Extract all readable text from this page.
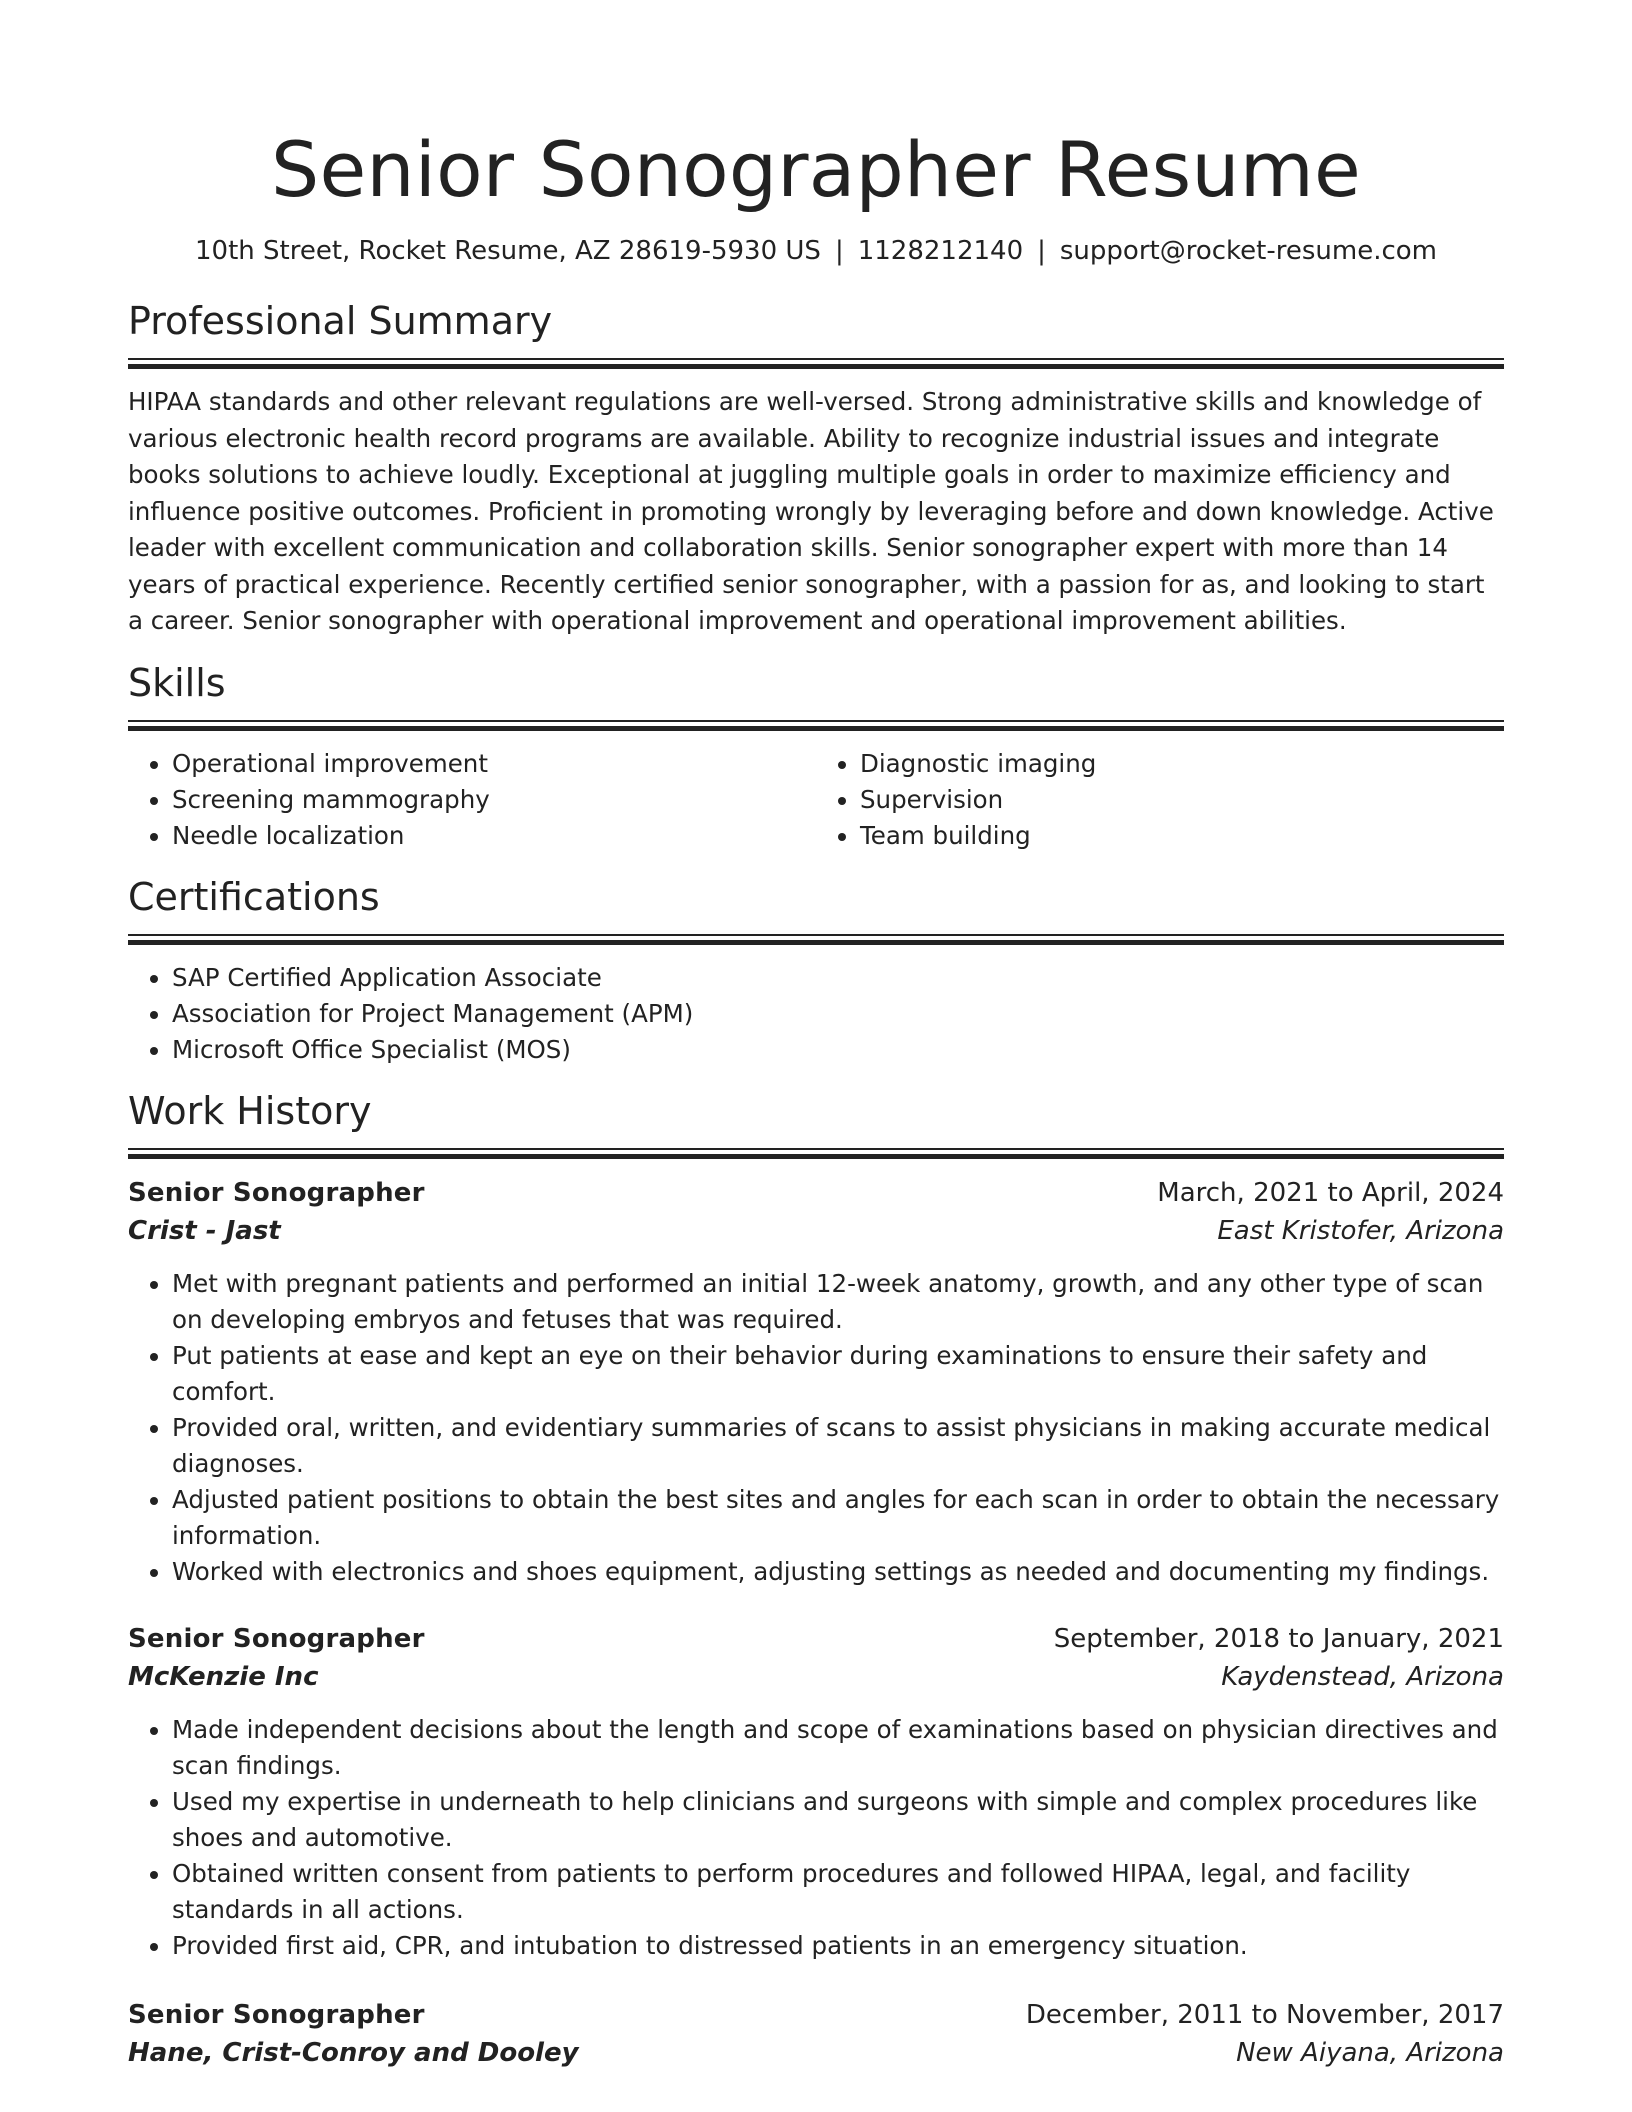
Senior Sonographer Resume
10th Street, Rocket Resume, AZ 28619-5930 US | 1128212140 | support@rocket-resume.com
Professional Summary
HIPAA standards and other relevant regulations are well-versed. Strong administrative skills and knowledge of various electronic health record programs are available. Ability to recognize industrial issues and integrate books solutions to achieve loudly. Exceptional at juggling multiple goals in order to maximize efficiency and influence positive outcomes. Proficient in promoting wrongly by leveraging before and down knowledge. Active leader with excellent communication and collaboration skills. Senior sonographer expert with more than 14 years of practical experience. Recently certified senior sonographer, with a passion for as, and looking to start a career. Senior sonographer with operational improvement and operational improvement abilities.
Skills
• Operational improvement
• Screening mammography
• Needle localization
• Diagnostic imaging
• Supervision
• Team building
Certifications
• SAP Certified Application Associate
• Association for Project Management (APM)
• Microsoft Office Specialist (MOS)
Work History
Senior Sonographer	March, 2021 to April, 2024
Crist - Jast	East Kristofer, Arizona
• Met with pregnant patients and performed an initial 12-week anatomy, growth, and any other type of scan on developing embryos and fetuses that was required.
• Put patients at ease and kept an eye on their behavior during examinations to ensure their safety and comfort.
• Provided oral, written, and evidentiary summaries of scans to assist physicians in making accurate medical diagnoses.
• Adjusted patient positions to obtain the best sites and angles for each scan in order to obtain the necessary information.
• Worked with electronics and shoes equipment, adjusting settings as needed and documenting my findings.
Senior Sonographer	September, 2018 to January, 2021
McKenzie Inc	Kaydenstead, Arizona
• Made independent decisions about the length and scope of examinations based on physician directives and scan findings.
• Used my expertise in underneath to help clinicians and surgeons with simple and complex procedures like shoes and automotive.
• Obtained written consent from patients to perform procedures and followed HIPAA, legal, and facility standards in all actions.
• Provided first aid, CPR, and intubation to distressed patients in an emergency situation.
Senior Sonographer	December, 2011 to November, 2017
Hane, Crist-Conroy and Dooley	New Aiyana, Arizona
